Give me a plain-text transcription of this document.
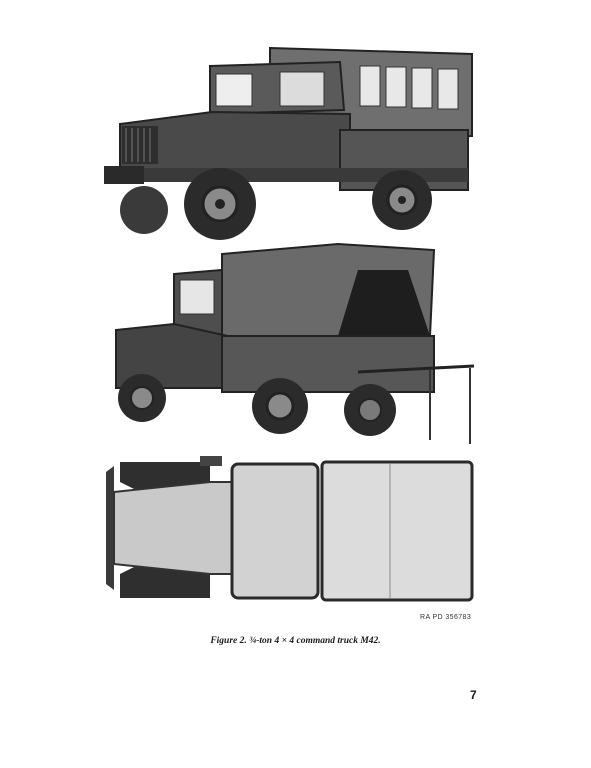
RA PD 356783
Figure 2. ¾-ton 4 × 4 command truck M42.
7
